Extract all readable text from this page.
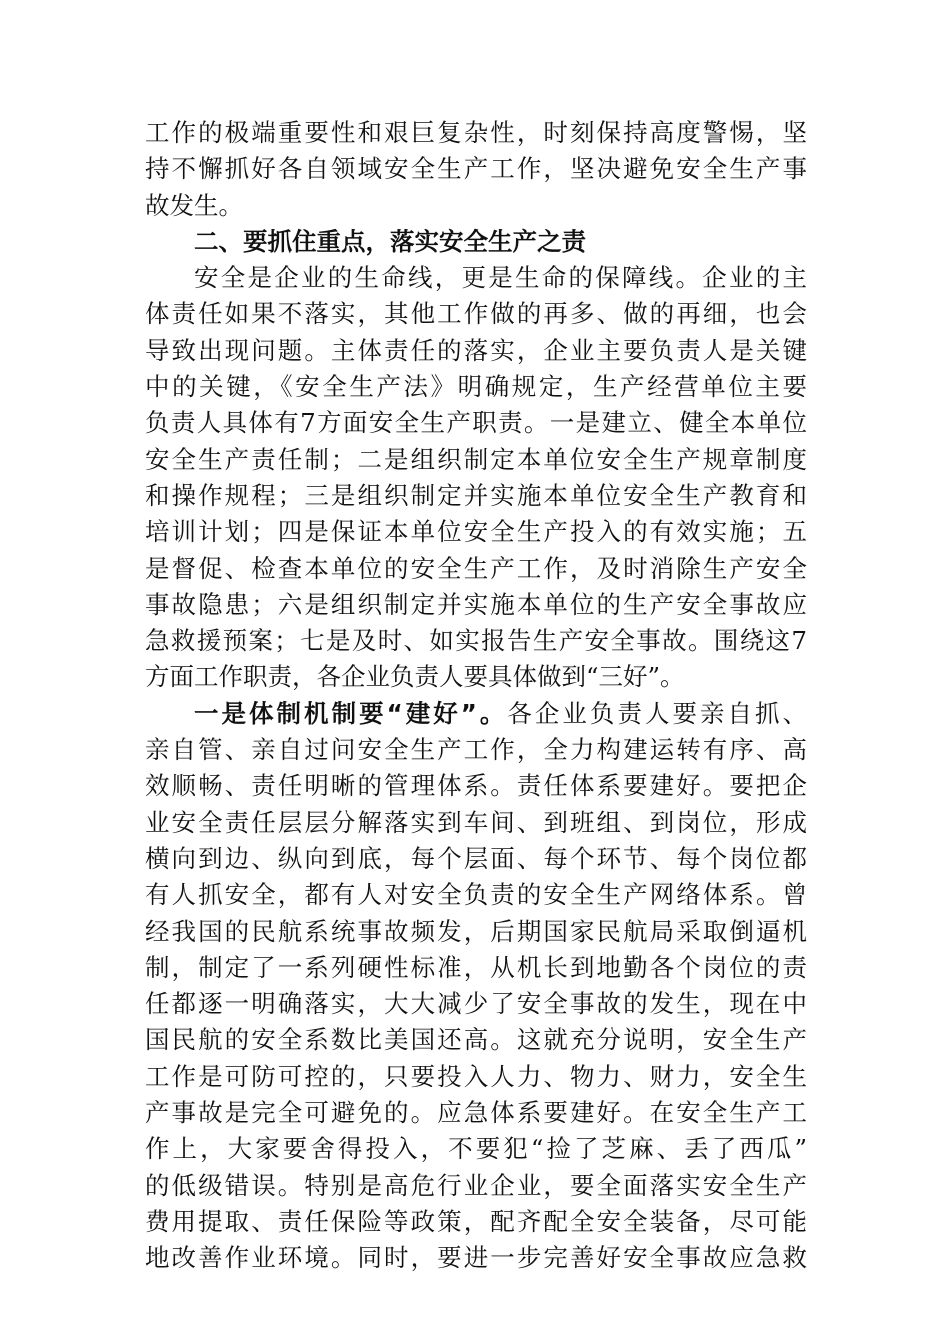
工作的极端重要性和艰巨复杂性，时刻保持高度警惕，坚
持不懈抓好各自领域安全生产工作，坚决避免安全生产事
故发生。
二、要抓住重点，落实安全生产之责
安全是企业的生命线，更是生命的保障线。企业的主
体责任如果不落实，其他工作做的再多、做的再细，也会
导致出现问题。主体责任的落实，企业主要负责人是关键
中的关键，《安全生产法》明确规定，生产经营单位主要
负责人具体有7方面安全生产职责。一是建立、健全本单位
安全生产责任制；二是组织制定本单位安全生产规章制度
和操作规程；三是组织制定并实施本单位安全生产教育和
培训计划；四是保证本单位安全生产投入的有效实施；五
是督促、检查本单位的安全生产工作，及时消除生产安全
事故隐患；六是组织制定并实施本单位的生产安全事故应
急救援预案；七是及时、如实报告生产安全事故。围绕这7
方面工作职责，各企业负责人要具体做到“三好”。
一是体制机制要“建好”。各企业负责人要亲自抓、
亲自管、亲自过问安全生产工作，全力构建运转有序、高
效顺畅、责任明晰的管理体系。责任体系要建好。要把企
业安全责任层层分解落实到车间、到班组、到岗位，形成
横向到边、纵向到底，每个层面、每个环节、每个岗位都
有人抓安全，都有人对安全负责的安全生产网络体系。曾
经我国的民航系统事故频发，后期国家民航局采取倒逼机
制，制定了一系列硬性标准，从机长到地勤各个岗位的责
任都逐一明确落实，大大减少了安全事故的发生，现在中
国民航的安全系数比美国还高。这就充分说明，安全生产
工作是可防可控的，只要投入人力、物力、财力，安全生
产事故是完全可避免的。应急体系要建好。在安全生产工
作上，大家要舍得投入，不要犯“捡了芝麻、丢了西瓜”
的低级错误。特别是高危行业企业，要全面落实安全生产
费用提取、责任保险等政策，配齐配全安全装备，尽可能
地改善作业环境。同时，要进一步完善好安全事故应急救
